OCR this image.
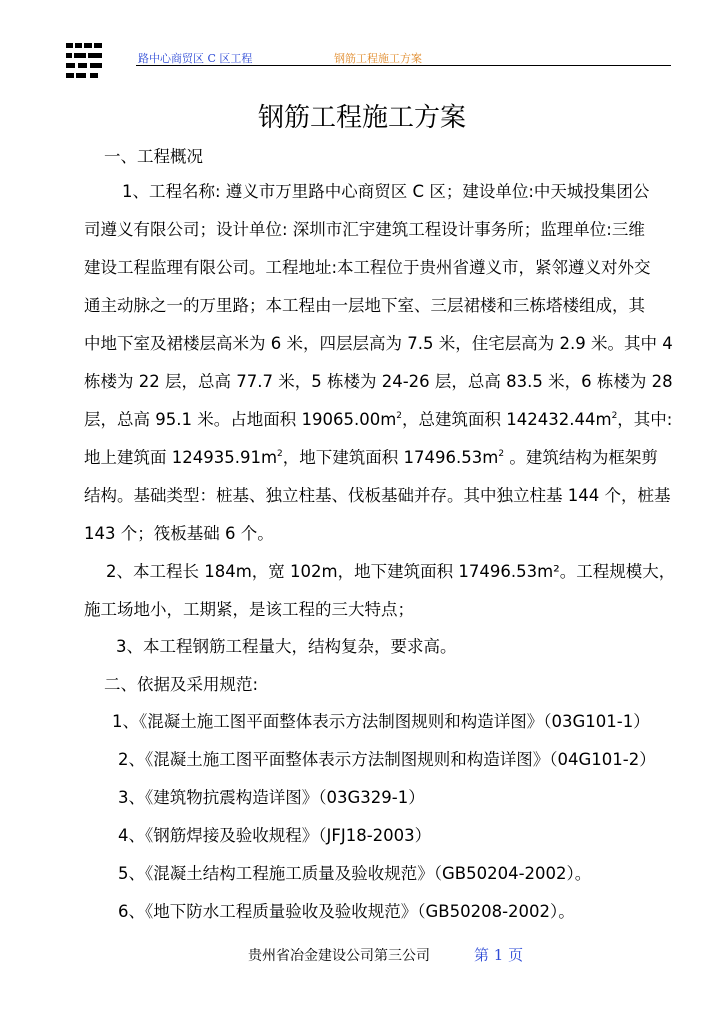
路中心商贸区 C 区工程	钢筋工程施工方案
钢筋工程施工方案
一、工程概况
1、工程名称: 遵义市万里路中心商贸区 C 区；建设单位:中天城投集团公
司遵义有限公司；设计单位: 深圳市汇宇建筑工程设计事务所；监理单位:三维
建设工程监理有限公司。工程地址:本工程位于贵州省遵义市，紧邻遵义对外交
通主动脉之一的万里路；本工程由一层地下室、三层裙楼和三栋塔楼组成，其
中地下室及裙楼层高米为 6 米，四层层高为 7.5 米，住宅层高为 2.9 米。其中 4
栋楼为 22 层，总高 77.7 米，5 栋楼为 24-26 层，总高 83.5 米，6 栋楼为 28
层，总高 95.1 米。占地面积 $19065.00m^2$，总建筑面积 $142432.44m^2$，其中:
地上建筑面 $124935.91m^2$，地下建筑面积 $17496.53m^2$ 。建筑结构为框架剪
结构。基础类型：桩基、独立柱基、伐板基础并存。其中独立柱基 144 个，桩基
143 个；筏板基础 6 个。
2、本工程长 184m，宽 102m，地下建筑面积 17496.53m²。工程规模大，
施工场地小，工期紧，是该工程的三大特点；
3、本工程钢筋工程量大，结构复杂，要求高。
二、依据及采用规范:
1、《混凝土施工图平面整体表示方法制图规则和构造详图》（03G101-1）
2、《混凝土施工图平面整体表示方法制图规则和构造详图》（04G101-2）
3、《建筑物抗震构造详图》（03G329-1）
4、《钢筋焊接及验收规程》（JFJ18-2003）
5、《混凝土结构工程施工质量及验收规范》（GB50204-2002）。
6、《地下防水工程质量验收及验收规范》（GB50208-2002）。
贵州省冶金建设公司第三公司	第 1 页
